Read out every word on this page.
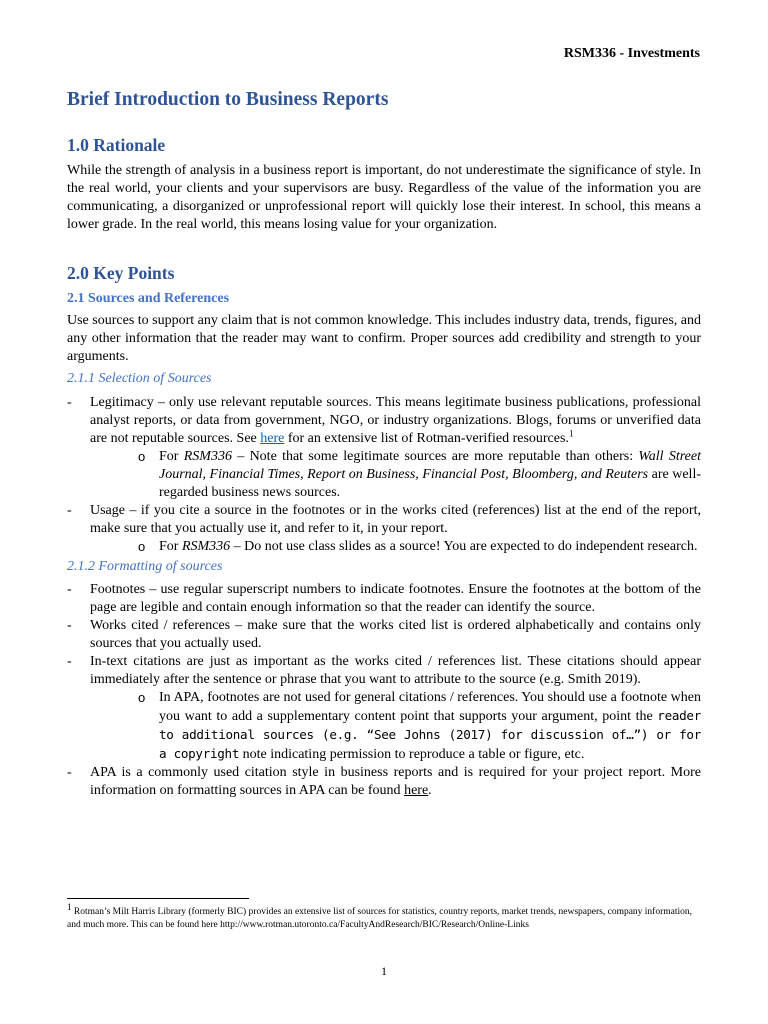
RSM336 - Investments
Brief Introduction to Business Reports
1.0 Rationale

While the strength of analysis in a business report is important, do not underestimate the significance of style. In the real world, your clients and your supervisors are busy. Regardless of the value of the information you are communicating, a disorganized or unprofessional report will quickly lose their interest. In school, this means a lower grade. In the real world, this means losing value for your organization.

2.0 Key Points
2.1 Sources and References

Use sources to support any claim that is not common knowledge. This includes industry data, trends, figures, and any other information that the reader may want to confirm. Proper sources add credibility and strength to your arguments.

2.1.1 Selection of Sources
- Legitimacy – only use relevant reputable sources. This means legitimate business publications, professional analyst reports, or data from government, NGO, or industry organizations. Blogs, forums or unverified data are not reputable sources. See here for an extensive list of Rotman-verified resources.$^1$

o For RSM336 – Note that some legitimate sources are more reputable than others: Wall Street Journal, Financial Times, Report on Business, Financial Post, Bloomberg, and Reuters are well-regarded business news sources.

- Usage – if you cite a source in the footnotes or in the works cited (references) list at the end of the report, make sure that you actually use it, and refer to it, in your report.

o For RSM336 – Do not use class slides as a source! You are expected to do independent research.

2.1.2 Formatting of sources
- Footnotes – use regular superscript numbers to indicate footnotes. Ensure the footnotes at the bottom of the page are legible and contain enough information so that the reader can identify the source.

- Works cited / references – make sure that the works cited list is ordered alphabetically and contains only sources that you actually used.

- In-text citations are just as important as the works cited / references list. These citations should appear immediately after the sentence or phrase that you want to attribute to the source (e.g. Smith 2019).

o In APA, footnotes are not used for general citations / references. You should use a footnote when you want to add a supplementary content point that supports your argument, point the reader to additional sources (e.g. “See Johns (2017) for discussion of…”) or for a copyright note indicating permission to reproduce a table or figure, etc.

- APA is a commonly used citation style in business reports and is required for your project report. More information on formatting sources in APA can be found here.

$^1$ Rotman’s Milt Harris Library (formerly BIC) provides an extensive list of sources for statistics, country reports, market trends, newspapers, company information, and much more. This can be found here http://www.rotman.utoronto.ca/FacultyAndResearch/BIC/Research/Online-Links
1
